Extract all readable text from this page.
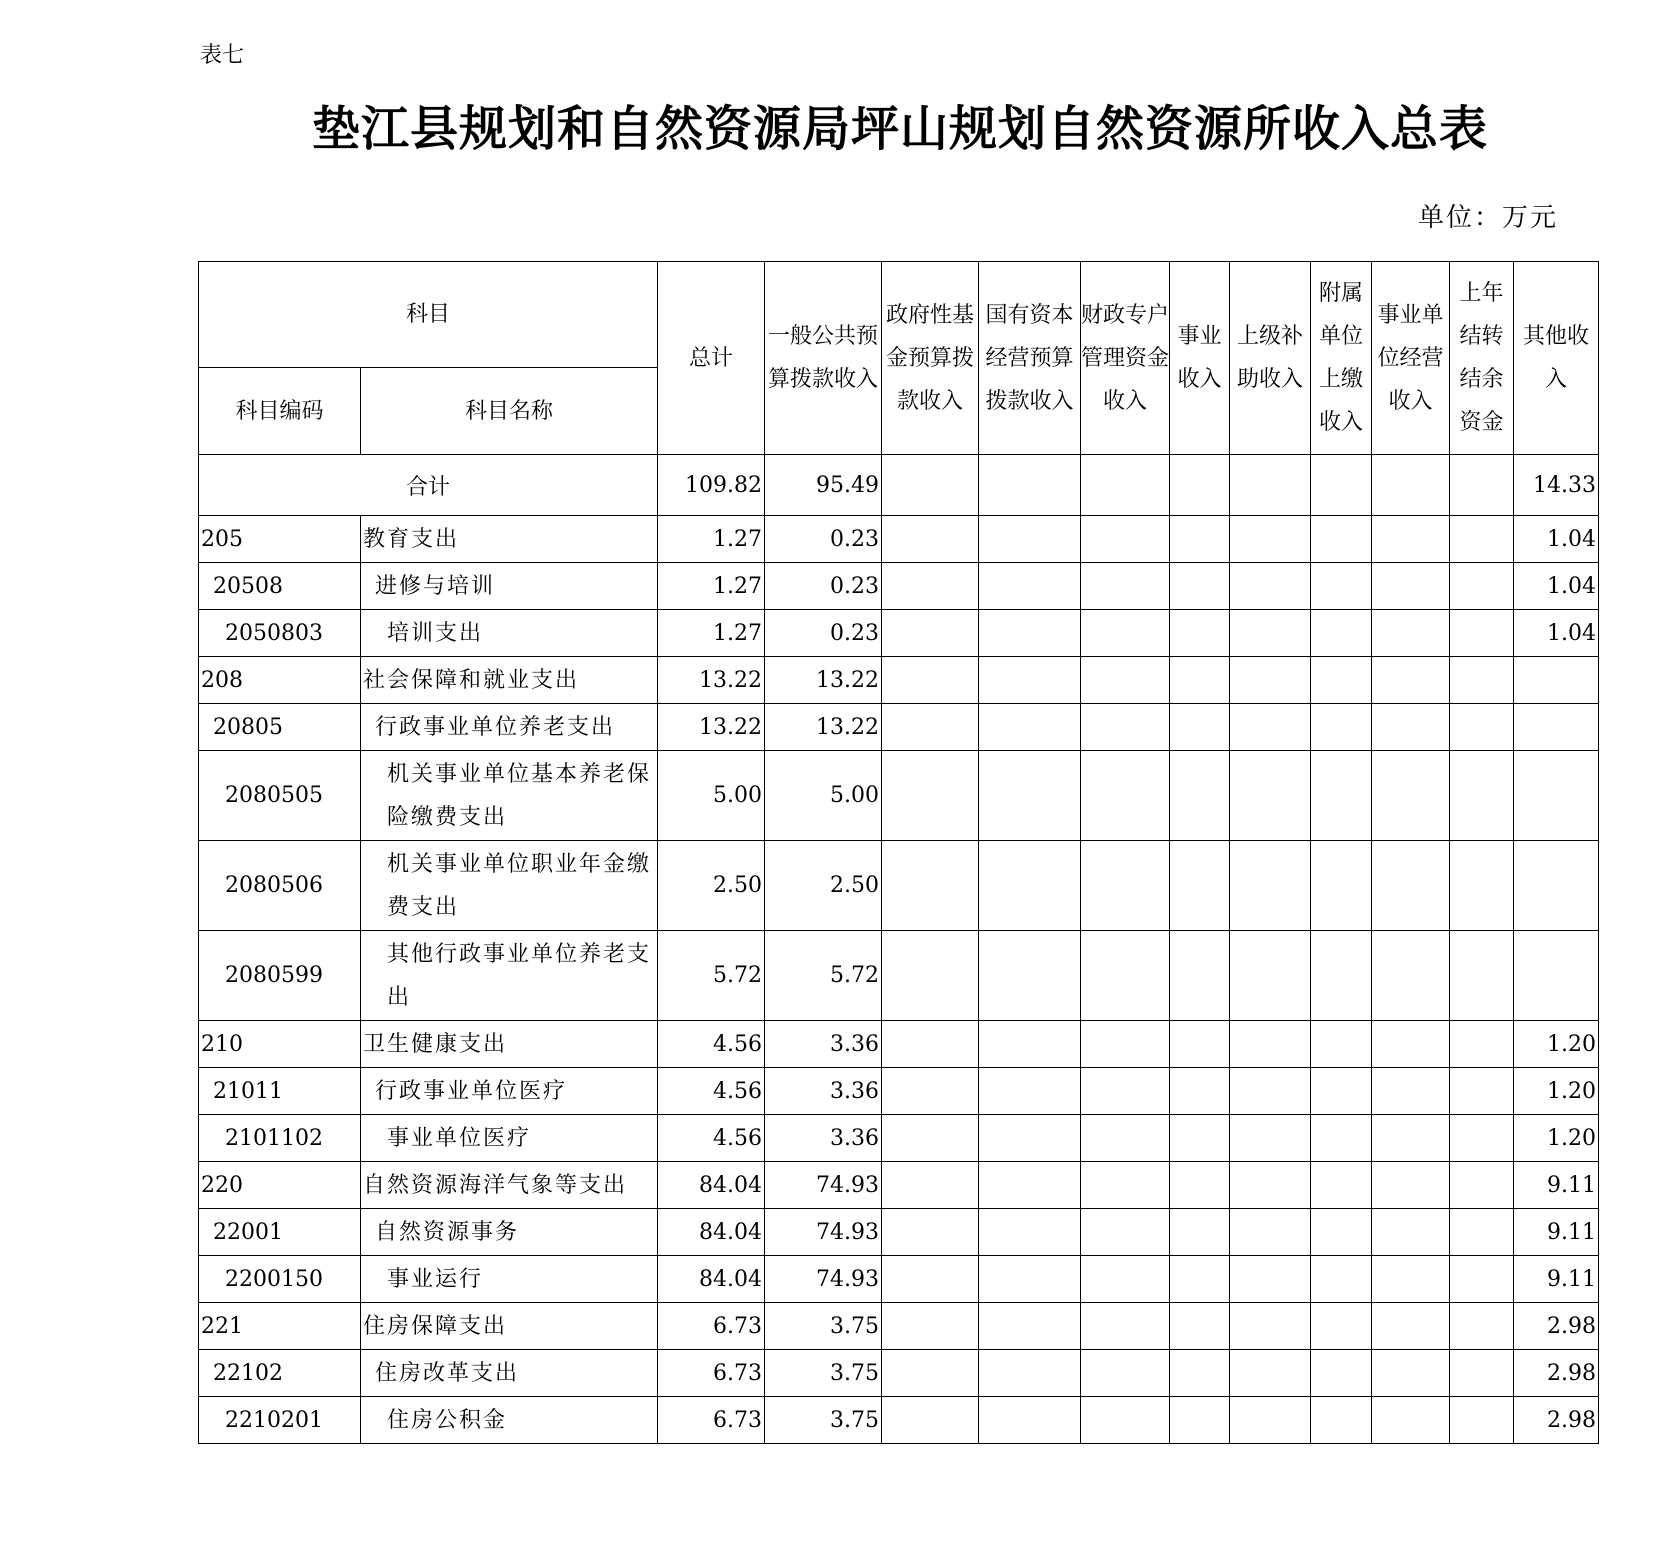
表七
垫江县规划和自然资源局坪山规划自然资源所收入总表
单位：万元
科目		总计	一般公共预算拨款收入	政府性基金预算拨款收入	国有资本经营预算拨款收入	财政专户管理资金收入	事业收入	上级补助收入	附属单位上缴收入	事业单位经营收入	上年结转结余资金	其他收入
科目编码	科目名称											
合计		109.82	95.49									14.33
205	教育支出	1.27	0.23									1.04
20508	进修与培训	1.27	0.23									1.04
2050803	培训支出	1.27	0.23									1.04
208	社会保障和就业支出	13.22	13.22									
20805	行政事业单位养老支出	13.22	13.22									
2080505	机关事业单位基本养老保险缴费支出	5.00	5.00									
2080506	机关事业单位职业年金缴费支出	2.50	2.50									
2080599	其他行政事业单位养老支出	5.72	5.72									
210	卫生健康支出	4.56	3.36									1.20
21011	行政事业单位医疗	4.56	3.36									1.20
2101102	事业单位医疗	4.56	3.36									1.20
220	自然资源海洋气象等支出	84.04	74.93									9.11
22001	自然资源事务	84.04	74.93									9.11
2200150	事业运行	84.04	74.93									9.11
221	住房保障支出	6.73	3.75									2.98
22102	住房改革支出	6.73	3.75									2.98
2210201	住房公积金	6.73	3.75									2.98
